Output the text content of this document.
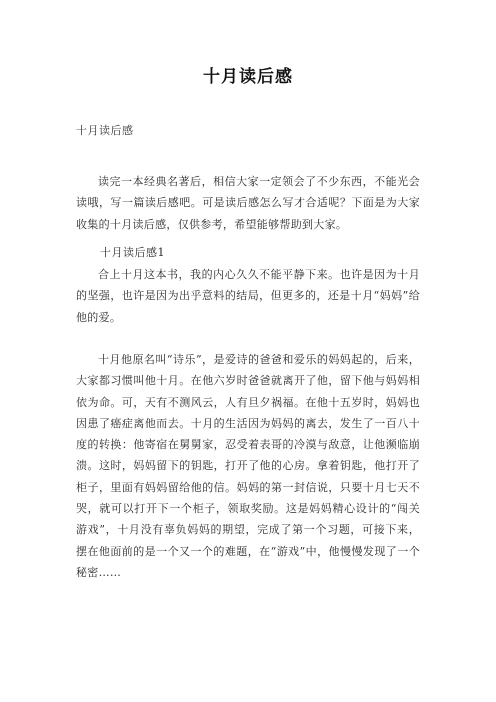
十月读后感
十月读后感

读完一本经典名著后，相信大家一定领会了不少东西，不能光会读哦，写一篇读后感吧。可是读后感怎么写才合适呢？下面是为大家收集的十月读后感，仅供参考，希望能够帮助到大家。

十月读后感1

合上十月这本书，我的内心久久不能平静下来。也许是因为十月的坚强，也许是因为出乎意料的结局，但更多的，还是十月“妈妈”给他的爱。

十月他原名叫“诗乐”，是爱诗的爸爸和爱乐的妈妈起的，后来，大家都习惯叫他十月。在他六岁时爸爸就离开了他，留下他与妈妈相依为命。可，天有不测风云，人有旦夕祸福。在他十五岁时，妈妈也因患了癌症离他而去。十月的生活因为妈妈的离去，发生了一百八十度的转换：他寄宿在舅舅家，忍受着表哥的冷漠与敌意，让他濒临崩溃。这时，妈妈留下的钥匙，打开了他的心房。拿着钥匙，他打开了柜子，里面有妈妈留给他的信。妈妈的第一封信说，只要十月七天不哭，就可以打开下一个柜子，领取奖励。这是妈妈精心设计的“闯关游戏”，十月没有辜负妈妈的期望，完成了第一个习题，可接下来，摆在他面前的是一个又一个的难题，在“游戏”中，他慢慢发现了一个秘密……
